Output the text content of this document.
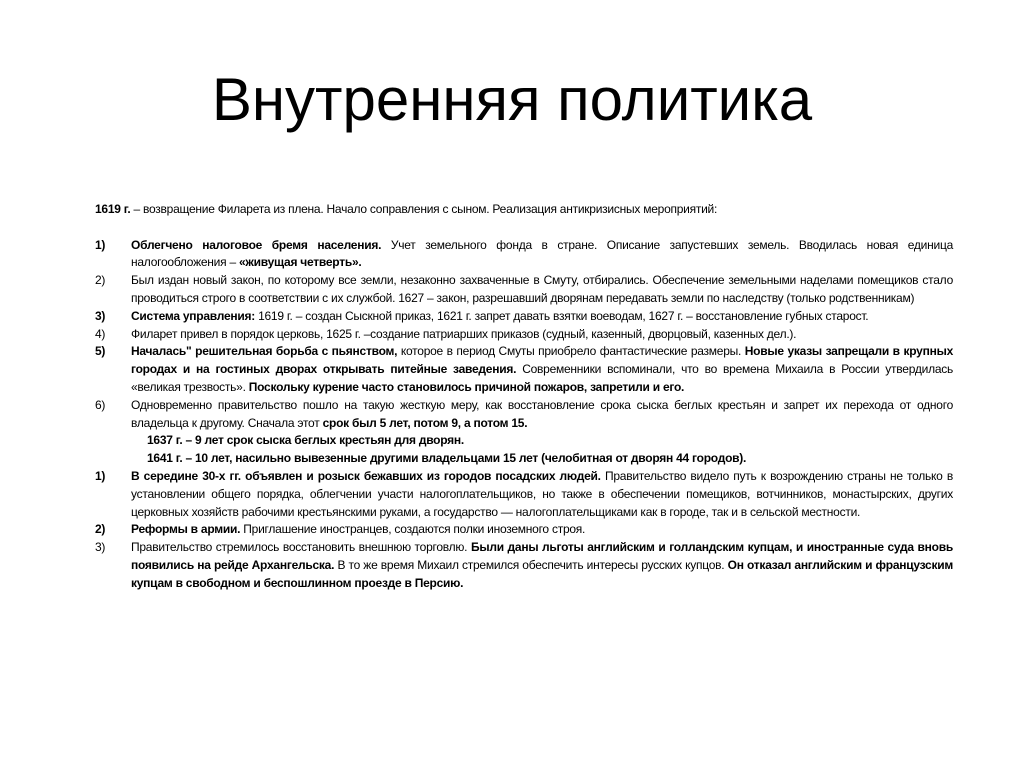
Внутренняя политика
1619 г. – возвращение Филарета из плена. Начало соправления с сыном. Реализация антикризисных мероприятий:
1) Облегчено налоговое бремя населения. Учет земельного фонда в стране. Описание запустевших земель. Вводилась новая единица налогообложения – «живущая четверть».
2) Был издан новый закон, по которому все земли, незаконно захваченные в Смуту, отбирались. Обеспечение земельными наделами помещиков стало проводиться строго в соответствии с их службой. 1627 – закон, разрешавший дворянам передавать земли по наследству (только родственникам)
3) Система управления: 1619 г. – создан Сыскной приказ, 1621 г. запрет давать взятки воеводам, 1627 г. – восстановление губных старост.
4) Филарет привел в порядок церковь, 1625 г. –создание патриарших приказов (судный, казенный, дворцовый, казенных дел.).
5) Началась" решительная борьба с пьянством, которое в период Смуты приобрело фантастические размеры. Новые указы запрещали в крупных городах и на гостиных дворах открывать питейные заведения. Современники вспоминали, что во времена Михаила в России утвердилась «великая трезвость». Поскольку курение часто становилось причиной пожаров, запретили и его.
6) Одновременно правительство пошло на такую жесткую меру, как восстановление срока сыска беглых крестьян и запрет их перехода от одного владельца к другому. Сначала этот срок был 5 лет, потом 9, а потом 15.
1637 г. – 9 лет срок сыска беглых крестьян для дворян.
1641 г. – 10 лет, насильно вывезенные другими владельцами 15 лет (челобитная от дворян 44 городов).
1) В середине 30-х гг. объявлен и розыск бежавших из городов посадских людей. Правительство видело путь к возрождению страны не только в установлении общего порядка, облегчении участи налогоплательщиков, но также в обеспечении помещиков, вотчинников, монастырских, других церковных хозяйств рабочими крестьянскими руками, а государство — налогоплательщиками как в городе, так и в сельской местности.
2) Реформы в армии. Приглашение иностранцев, создаются полки иноземного строя.
3) Правительство стремилось восстановить внешнюю торговлю. Были даны льготы английским и голландским купцам, и иностранные суда вновь появились на рейде Архангельска. В то же время Михаил стремился обеспечить интересы русских купцов. Он отказал английским и французским купцам в свободном и беспошлинном проезде в Персию.
